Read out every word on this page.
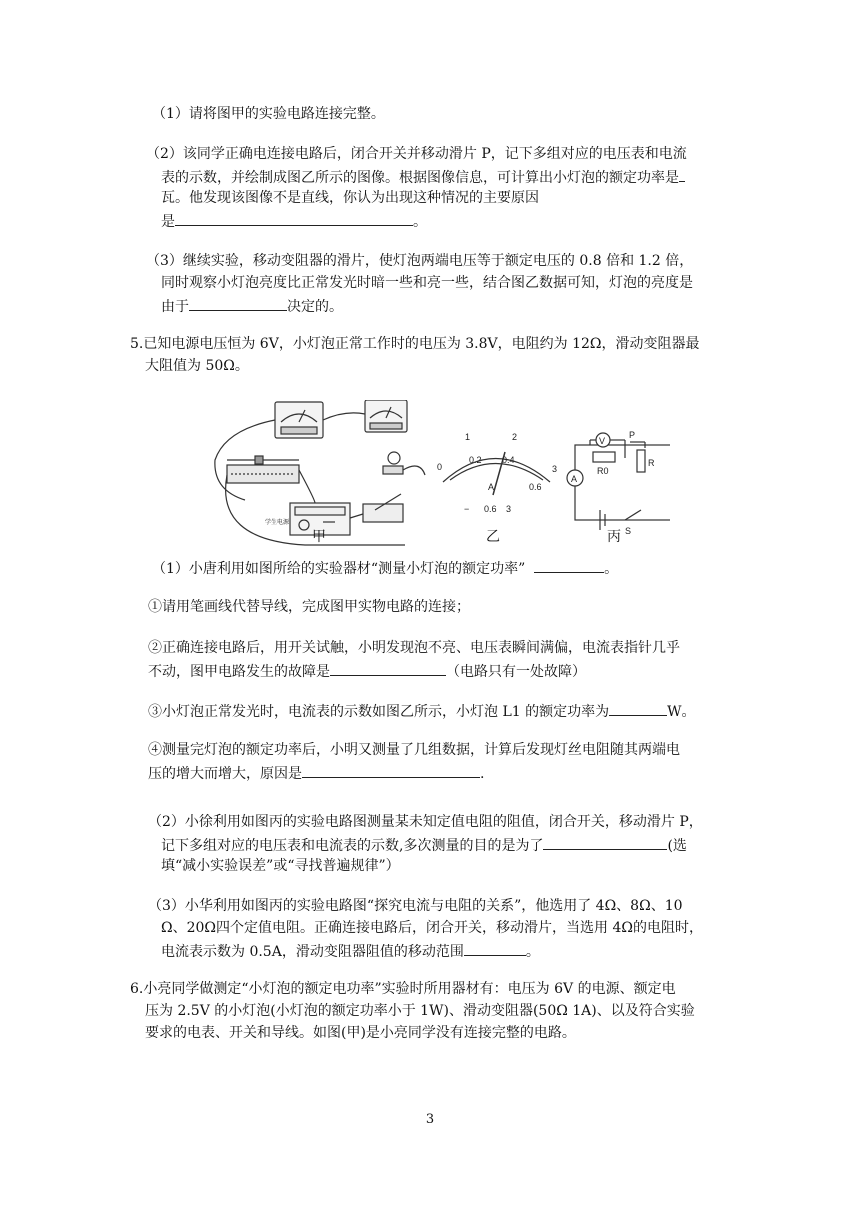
（1）请将图甲的实验电路连接完整。
（2）该同学正确电连接电路后，闭合开关并移动滑片 P，记下多组对应的电压表和电流
表的示数，并绘制成图乙所示的图像。根据图像信息，可计算出小灯泡的额定功率是
瓦。他发现该图像不是直线，你认为出现这种情况的主要原因
是	。
（3）继续实验，移动变阻器的滑片，使灯泡两端电压等于额定电压的 0.8 倍和 1.2 倍，
同时观察小灯泡亮度比正常发光时暗一些和亮一些，结合图乙数据可知，灯泡的亮度是
由于	决定的。
5.已知电源电压恒为 6V，小灯泡正常工作时的电压为 3.8V，电阻约为 12Ω，滑动变阻器最
大阻值为 50Ω。
学生电源
0
1	2
3
0.2 0.4
0.6
A
− 0.6 3
V
A
P
R0
R
S
甲	乙	丙
（1）小唐利用如图所给的实验器材“测量小灯泡的额定功率”	。
①请用笔画线代替导线，完成图甲实物电路的连接；
②正确连接电路后，用开关试触，小明发现泡不亮、电压表瞬间满偏，电流表指针几乎
不动，图甲电路发生的故障是	（电路只有一处故障）
③小灯泡正常发光时，电流表的示数如图乙所示，小灯泡 L1 的额定功率为	W。
④测量完灯泡的额定功率后，小明又测量了几组数据，计算后发现灯丝电阻随其两端电
压的增大而增大，原因是	.
（2）小徐利用如图丙的实验电路图测量某未知定值电阻的阻值，闭合开关，移动滑片 P，
记下多组对应的电压表和电流表的示数,多次测量的目的是为了	(选
填“减小实验误差”或“寻找普遍规律”）
（3）小华利用如图丙的实验电路图“探究电流与电阻的关系”，他选用了 4Ω、8Ω、10
Ω、20Ω四个定值电阻。正确连接电路后，闭合开关，移动滑片，当选用 4Ω的电阻时，
电流表示数为 0.5A，滑动变阻器阻值的移动范围	。
6.小亮同学做测定“小灯泡的额定电功率”实验时所用器材有：电压为 6V 的电源、额定电
压为 2.5V 的小灯泡(小灯泡的额定功率小于 1W)、滑动变阻器(50Ω 1A)、以及符合实验
要求的电表、开关和导线。如图(甲)是小亮同学没有连接完整的电路。
3
